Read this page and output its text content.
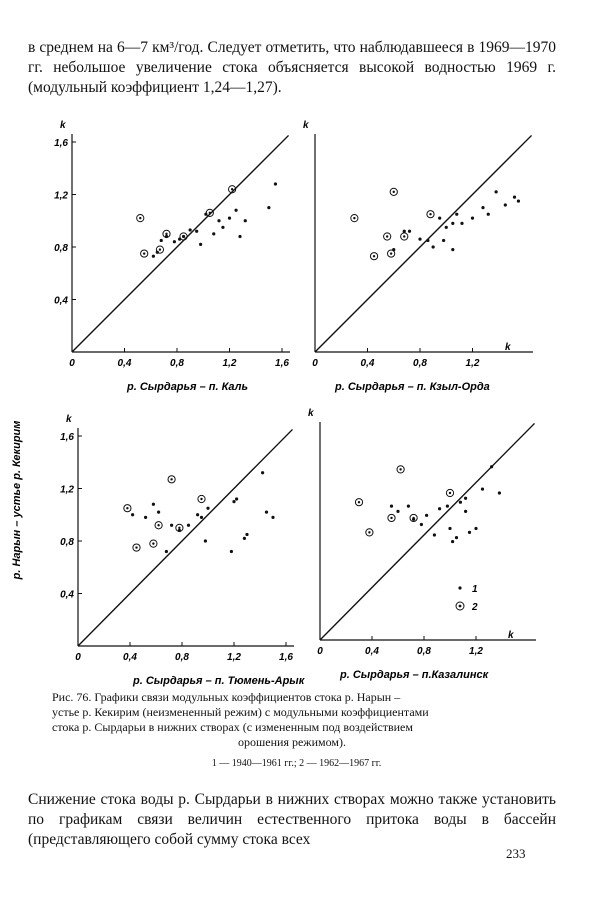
в среднем на 6—7 км³/год. Следует отметить, что наблюдавшееся в 1969—1970 гг. небольшое увеличение стока объясняется высокой водностью 1969 г. (модульный коэффициент 1,24—1,27).
р. Нарын – устье р. Кекирим
0	0,4	0,8	1,2	1,6
0,4
0,8
1,2
1,6
k
р. Сырдарья – п. Каль
0	0,4	0,8	1,2
k
k
р. Сырдарья – п. Кзыл-Орда
0	0,4	0,8	1,2	1,6
0,4
0,8
1,2
1,6
k
р. Сырдарья – п. Тюмень-Арык
0	0,4	0,8	1,2
k
k
р. Сырдарья – п.Казалинск
1
2
Рис. 76. Графики связи модульных коэффициентов стока р. Нарын –
устье р. Кекирим (неизмененный режим) с модульными коэффициентами
стока р. Сырдарьи в нижних створах (с измененным под воздействием
орошения режимом).
1 — 1940—1961 гг.; 2 — 1962—1967 гг.
Снижение стока воды р. Сырдарьи в нижних створах можно также установить по графикам связи величин естественного притока воды в бассейн (представляющего собой сумму стока всех
233
